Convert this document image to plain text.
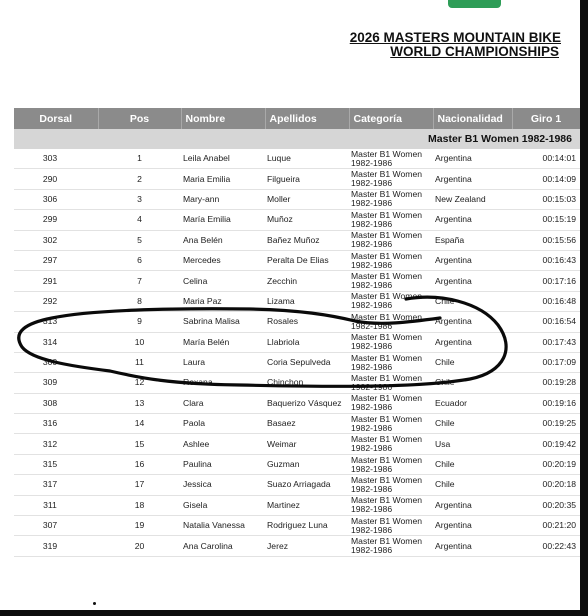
2026 MASTERS MOUNTAIN BIKE
WORLD CHAMPIONSHIPS
Dorsal	Pos	Nombre	Apellidos	Categoría	Nacionalidad	Giro 1
Master B1 Women 1982-1986						
303	1	Leila Anabel	Luque	Master B1 Women 1982-1986	Argentina	00:14:01
290	2	Maria Emilia	Filgueira	Master B1 Women 1982-1986	Argentina	00:14:09
306	3	Mary-ann	Moller	Master B1 Women 1982-1986	New Zealand	00:15:03
299	4	María Emilia	Muñoz	Master B1 Women 1982-1986	Argentina	00:15:19
302	5	Ana Belén	Bañez Muñoz	Master B1 Women 1982-1986	España	00:15:56
297	6	Mercedes	Peralta De Elias	Master B1 Women 1982-1986	Argentina	00:16:43
291	7	Celina	Zecchin	Master B1 Women 1982-1986	Argentina	00:17:16
292	8	Maria Paz	Lizama	Master B1 Women 1982-1986	Chile	00:16:48
313	9	Sabrina Malisa	Rosales	Master B1 Women 1982-1986	Argentina	00:16:54
314	10	María Belén	Llabriola	Master B1 Women 1982-1986	Argentina	00:17:43
300	11	Laura	Coria Sepulveda	Master B1 Women 1982-1986	Chile	00:17:09
309	12	Roxana	Chinchon	Master B1 Women 1982-1986	Chile	00:19:28
308	13	Clara	Baquerizo Vásquez	Master B1 Women 1982-1986	Ecuador	00:19:16
316	14	Paola	Basaez	Master B1 Women 1982-1986	Chile	00:19:25
312	15	Ashlee	Weimar	Master B1 Women 1982-1986	Usa	00:19:42
315	16	Paulina	Guzman	Master B1 Women 1982-1986	Chile	00:20:19
317	17	Jessica	Suazo Arriagada	Master B1 Women 1982-1986	Chile	00:20:18
311	18	Gisela	Martinez	Master B1 Women 1982-1986	Argentina	00:20:35
307	19	Natalia Vanessa	Rodriguez Luna	Master B1 Women 1982-1986	Argentina	00:21:20
319	20	Ana Carolina	Jerez	Master B1 Women 1982-1986	Argentina	00:22:43
